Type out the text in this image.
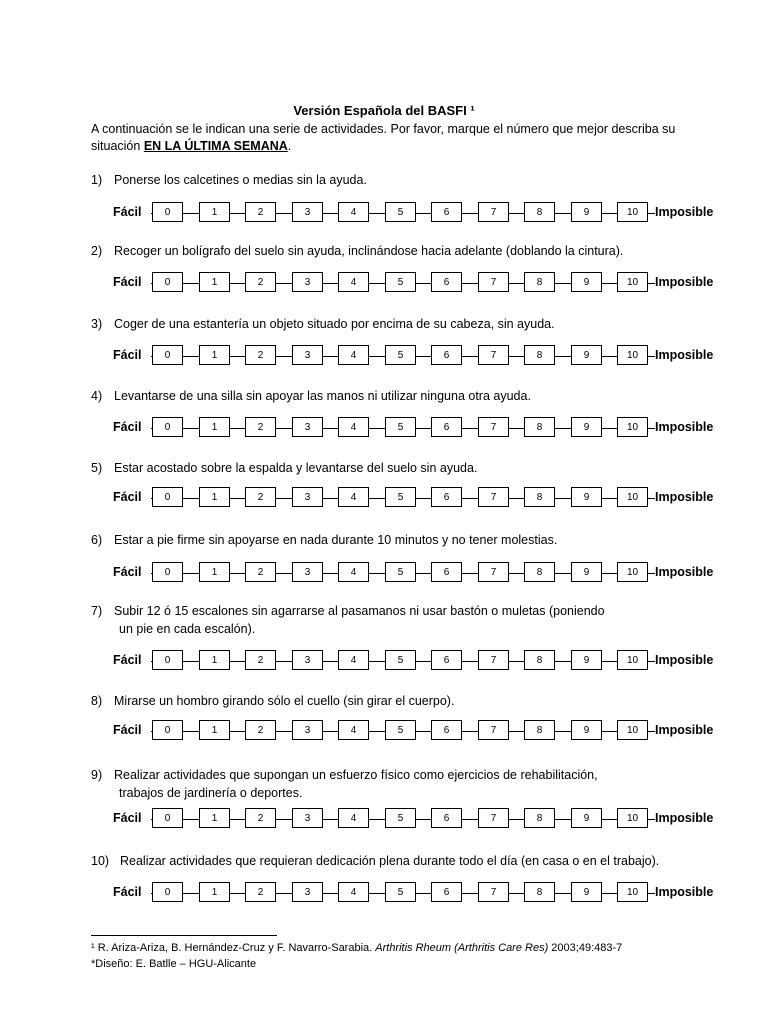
Versión Española del BASFI ¹
A continuación se le indican una serie de actividades. Por favor, marque el número que mejor describa su situación EN LA ÚLTIMA SEMANA.
1) Ponerse los calcetines o medias sin la ayuda.
Fácil	0	1	2	3	4	5	6	7	8	9	10	Imposible
2) Recoger un bolígrafo del suelo sin ayuda, inclinándose hacia adelante (doblando la cintura).
Fácil	0	1	2	3	4	5	6	7	8	9	10	Imposible
3) Coger de una estantería un objeto situado por encima de su cabeza, sin ayuda.
Fácil	0	1	2	3	4	5	6	7	8	9	10	Imposible
4) Levantarse de una silla sin apoyar las manos ni utilizar ninguna otra ayuda.
Fácil	0	1	2	3	4	5	6	7	8	9	10	Imposible
5) Estar acostado sobre la espalda y levantarse del suelo sin ayuda.
Fácil	0	1	2	3	4	5	6	7	8	9	10	Imposible
6) Estar a pie firme sin apoyarse en nada durante 10 minutos y no tener molestias.
Fácil	0	1	2	3	4	5	6	7	8	9	10	Imposible
7) Subir 12 ó 15 escalones sin agarrarse al pasamanos ni usar bastón o muletas (poniendo
un pie en cada escalón).
Fácil	0	1	2	3	4	5	6	7	8	9	10	Imposible
8) Mirarse un hombro girando sólo el cuello (sin girar el cuerpo).
Fácil	0	1	2	3	4	5	6	7	8	9	10	Imposible
9) Realizar actividades que supongan un esfuerzo físico como ejercicios de rehabilitación,
trabajos de jardinería o deportes.
Fácil	0	1	2	3	4	5	6	7	8	9	10	Imposible
10) Realizar actividades que requieran dedicación plena durante todo el día (en casa o en el trabajo).
Fácil	0	1	2	3	4	5	6	7	8	9	10	Imposible
¹ R. Ariza-Ariza, B. Hernández-Cruz y F. Navarro-Sarabia. Arthritis Rheum (Arthritis Care Res) 2003;49:483-7
*Diseño: E. Batlle – HGU-Alicante
